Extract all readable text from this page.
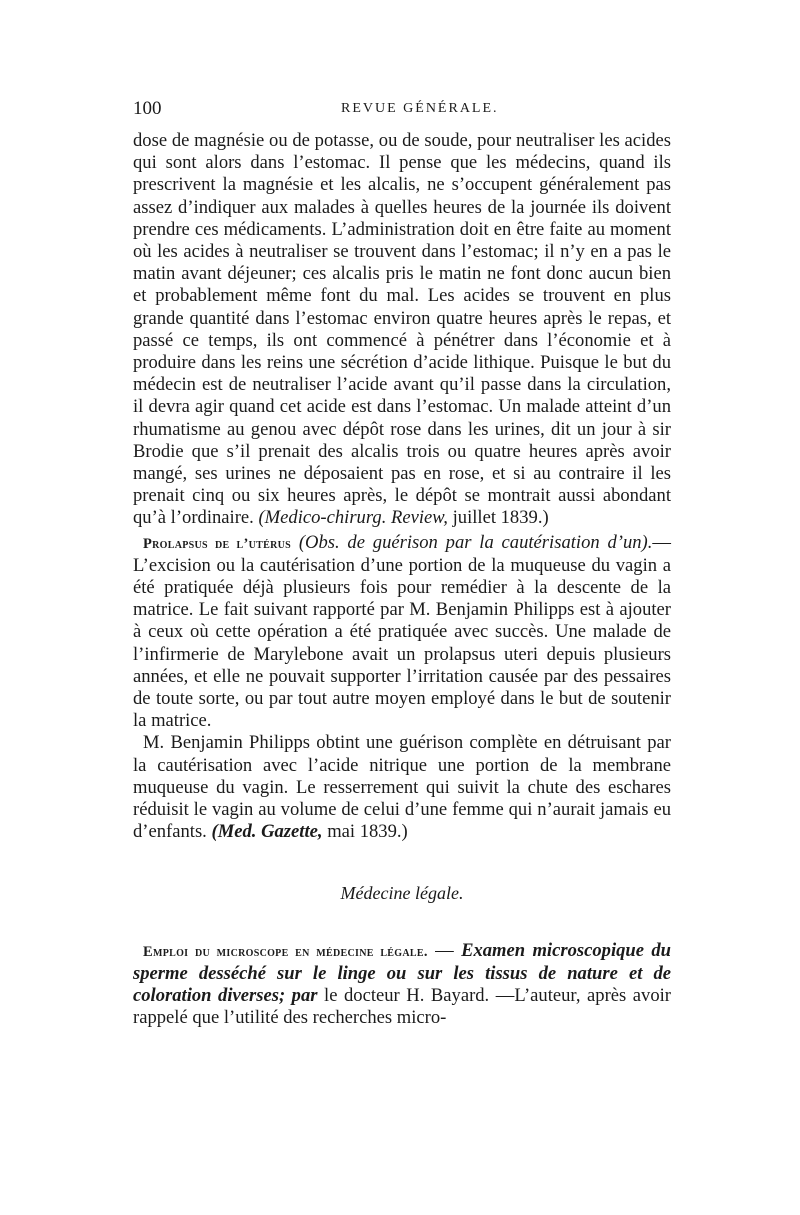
100	REVUE GÉNÉRALE.

dose de magnésie ou de potasse, ou de soude, pour neutraliser les acides qui sont alors dans l’estomac. Il pense que les médecins, quand ils prescrivent la magnésie et les alcalis, ne s’occupent généralement pas assez d’indiquer aux malades à quelles heures de la journée ils doivent prendre ces médicaments. L’administration doit en être faite au moment où les acides à neutraliser se trouvent dans l’estomac; il n’y en a pas le matin avant déjeuner; ces alcalis pris le matin ne font donc aucun bien et probablement même font du mal. Les acides se trouvent en plus grande quantité dans l’estomac environ quatre heures après le repas, et passé ce temps, ils ont commencé à pénétrer dans l’économie et à produire dans les reins une sécrétion d’acide lithique. Puisque le but du médecin est de neutraliser l’acide avant qu’il passe dans la circulation, il devra agir quand cet acide est dans l’estomac. Un malade atteint d’un rhumatisme au genou avec dépôt rose dans les urines, dit un jour à sir Brodie que s’il prenait des alcalis trois ou quatre heures après avoir mangé, ses urines ne déposaient pas en rose, et si au contraire il les prenait cinq ou six heures après, le dépôt se montrait aussi abondant qu’à l’ordinaire. (Medico-chirurg. Review, juillet 1839.)

Prolapsus de l’utérus (Obs. de guérison par la cautérisation d’un).—L’excision ou la cautérisation d’une portion de la muqueuse du vagin a été pratiquée déjà plusieurs fois pour remédier à la descente de la matrice. Le fait suivant rapporté par M. Benjamin Philipps est à ajouter à ceux où cette opération a été pratiquée avec succès. Une malade de l’infirmerie de Marylebone avait un prolapsus uteri depuis plusieurs années, et elle ne pouvait supporter l’irritation causée par des pessaires de toute sorte, ou par tout autre moyen employé dans le but de soutenir la matrice.

M. Benjamin Philipps obtint une guérison complète en détruisant par la cautérisation avec l’acide nitrique une portion de la membrane muqueuse du vagin. Le resserrement qui suivit la chute des eschares réduisit le vagin au volume de celui d’une femme qui n’aurait jamais eu d’enfants. (Med. Gazette, mai 1839.)

Médecine légale.

Emploi du microscope en médecine légale. — Examen microscopique du sperme desséché sur le linge ou sur les tissus de nature et de coloration diverses; par le docteur H. Bayard. —L’auteur, après avoir rappelé que l’utilité des recherches micro-
